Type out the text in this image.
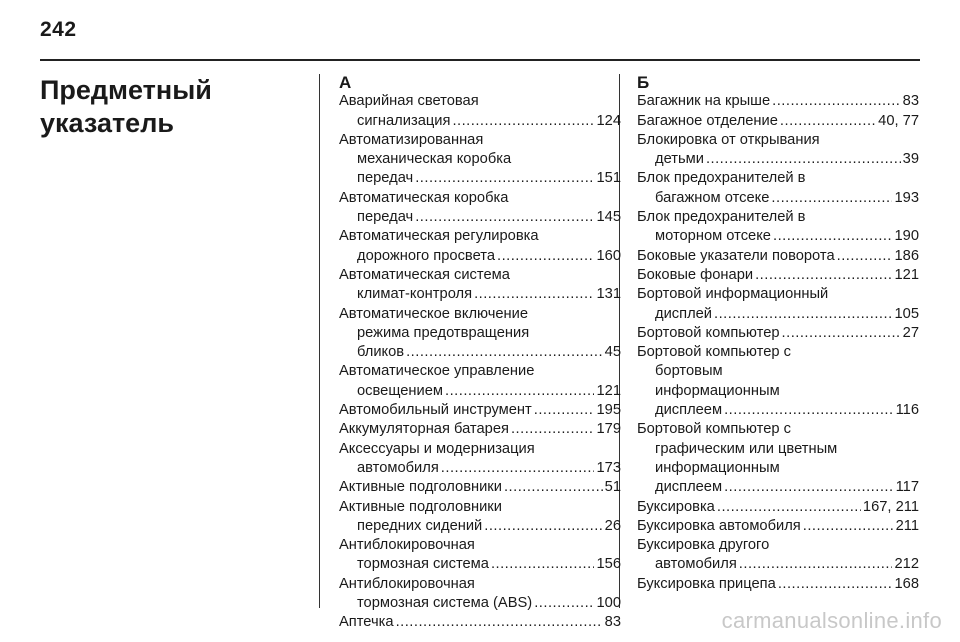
242
Предметный
указатель
А
Аварийная световая
сигнализация .....	124
Автоматизированная
механическая коробка
передач .....	151
Автоматическая коробка
передач .....	145
Автоматическая регулировка
дорожного просвета .....	160
Автоматическая система
климат-контроля .....	131
Автоматическое включение
режима предотвращения
бликов .....	45
Автоматическое управление
освещением .....	121
Автомобильный инструмент .....	195
Аккумуляторная батарея .....	179
Аксессуары и модернизация
автомобиля .....	173
Активные подголовники .....	51
Активные подголовники
передних сидений .....	26
Антиблокировочная
тормозная система .....	156
Антиблокировочная
тормозная система (ABS) .....	100
Аптечка .....	83
Б
Багажник на крыше .....	83
Багажное отделение .....	40, 77
Блокировка от открывания
детьми .....	39
Блок предохранителей в
багажном отсеке .....	193
Блок предохранителей в
моторном отсеке .....	190
Боковые указатели поворота .....	186
Боковые фонари .....	121
Бортовой информационный
дисплей .....	105
Бортовой компьютер .....	27
Бортовой компьютер с
бортовым
информационным
дисплеем .....	116
Бортовой компьютер с
графическим или цветным
информационным
дисплеем .....	117
Буксировка .....	167, 211
Буксировка автомобиля .....	211
Буксировка другого
автомобиля .....	212
Буксировка прицепа .....	168
carmanualsonline.info
